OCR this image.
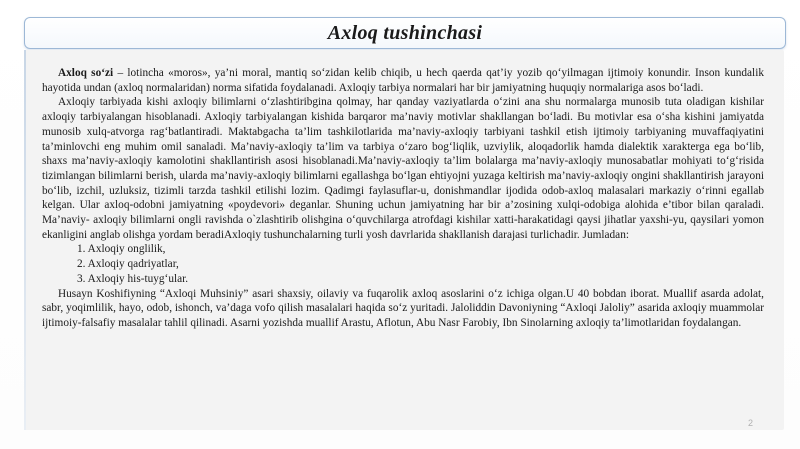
Axloq tushinchasi

Axloq so‘zi – lotincha «moros», ya’ni moral, mantiq so‘zidan kelib chiqib, u hech qaerda qat’iy yozib qo‘yilmagan ijtimoiy konundir. Inson kundalik hayotida undan (axloq normalaridan) norma sifatida foydalanadi. Axloqiy tarbiya normalari har bir jamiyatning huquqiy normalariga asos bo‘ladi.

Axloqiy tarbiyada kishi axloqiy bilimlarni o‘zlashtiribgina qolmay, har qanday vaziyatlarda o‘zini ana shu normalarga munosib tuta oladigan kishilar axloqiy tarbiyalangan hisoblanadi. Axloqiy tarbiyalangan kishida barqaror ma’naviy motivlar shakllangan bo‘ladi. Bu motivlar esa o‘sha kishini jamiyatda munosib xulq-atvorga rag‘batlantiradi. Maktabgacha ta’lim tashkilotlarida ma’naviy-axloqiy tarbiyani tashkil etish ijtimoiy tarbiyaning muvaffaqiyatini ta’minlovchi eng muhim omil sanaladi. Ma’naviy-axloqiy ta’lim va tarbiya o‘zaro bog‘liqlik, uzviylik, aloqadorlik hamda dialektik xarakterga ega bo‘lib, shaxs ma’naviy-axloqiy kamolotini shakllantirish asosi hisoblanadi.Ma’naviy-axloqiy ta’lim bolalarga ma’naviy-axloqiy munosabatlar mohiyati to‘g‘risida tizimlangan bilimlarni berish, ularda ma’naviy-axloqiy bilimlarni egallashga bo‘lgan ehtiyojni yuzaga keltirish ma’naviy-axloqiy ongini shakllantirish jarayoni bo‘lib, izchil, uzluksiz, tizimli tarzda tashkil etilishi lozim. Qadimgi faylasuflar-u, donishmandlar ijodida odob-axloq malasalari markaziy o‘rinni egallab kelgan. Ular axloq-odobni jamiyatning «poydevori» deganlar. Shuning uchun jamiyatning har bir a’zosining xulqi-odobiga alohida e’tibor bilan qaraladi. Ma’naviy- axloqiy bilimlarni ongli ravishda o`zlashtirib olishgina o‘quvchilarga atrofdagi kishilar xatti-harakatidagi qaysi jihatlar yaxshi-yu, qaysilari yomon ekanligini anglab olishga yordam beradiAxloqiy tushunchalarning turli yosh davrlarida shakllanish darajasi turlichadir. Jumladan:

1. Axloqiy onglilik,

2. Axloqiy qadriyatlar,

3. Axloqiy his-tuyg‘ular.

Husayn Koshifiyning “Axloqi Muhsiniy” asari shaxsiy, oilaviy va fuqarolik axloq asoslarini o‘z ichiga olgan.U 40 bobdan iborat. Muallif asarda adolat, sabr, yoqimlilik, hayo, odob, ishonch, va’daga vofo qilish masalalari haqida so‘z yuritadi. Jaloliddin Davoniyning “Axloqi Jaloliy” asarida axloqiy muammolar ijtimoiy-falsafiy masalalar tahlil qilinadi. Asarni yozishda muallif Arastu, Aflotun, Abu Nasr Farobiy, Ibn Sinolarning axloqiy ta’limotlaridan foydalangan.

2
